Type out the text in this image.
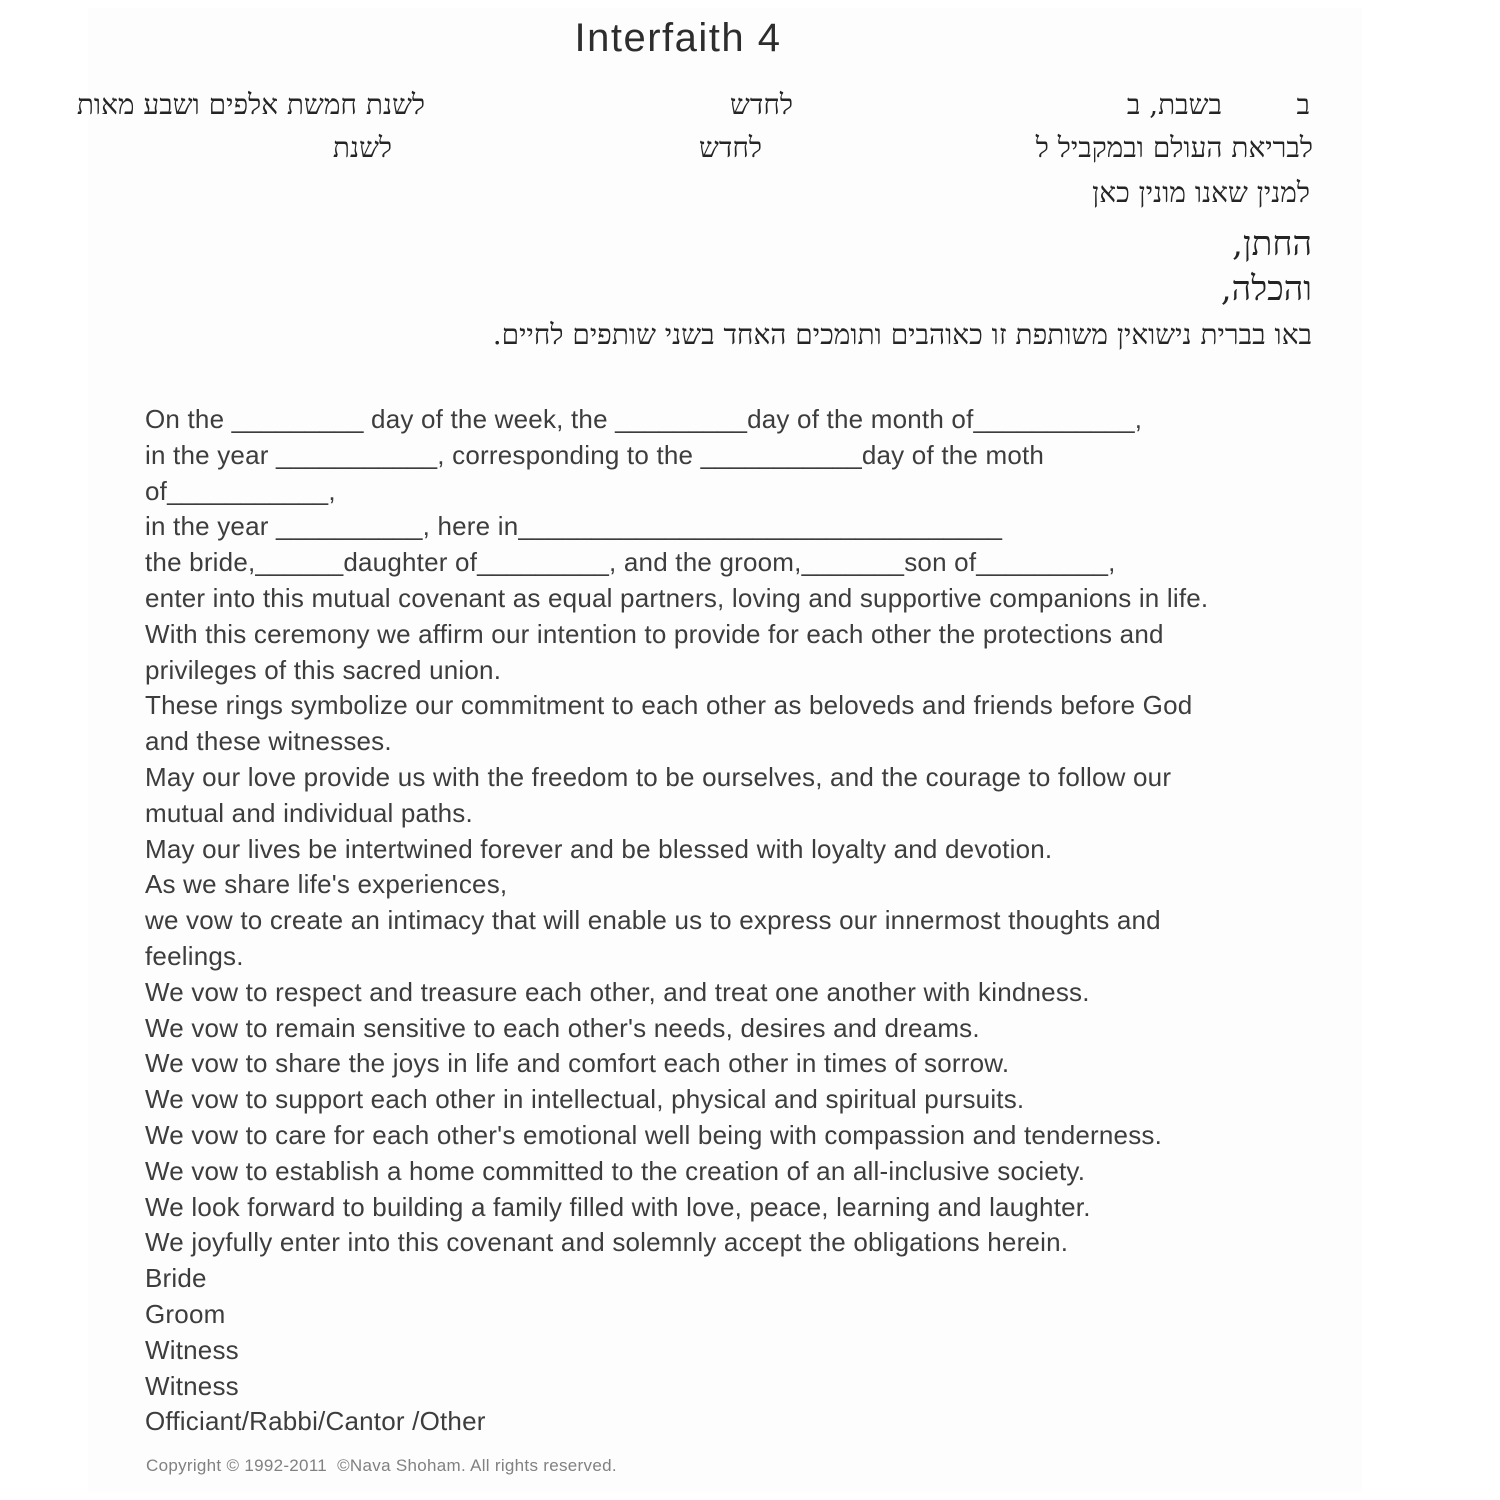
Interfaith 4
ב
בשבת, ב
לחדש
לשנת חמשת אלפים ושבע מאות
לבריאת העולם ובמקביל ל
לחדש
לשנת
למנין שאנו מונין כאן
החתן,
והכלה,
באו בברית נישואין משותפת זו כאוהבים ותומכים האחד בשני שותפים לחיים.
On the _________ day of the week, the _________day of the month of___________,
in the year ___________, corresponding to the ___________day of the moth
of___________,
in the year __________, here in_________________________________
the bride,______daughter of_________, and the groom,_______son of_________,
enter into this mutual covenant as equal partners, loving and supportive companions in life.
With this ceremony we affirm our intention to provide for each other the protections and
privileges of this sacred union.
These rings symbolize our commitment to each other as beloveds and friends before God
and these witnesses.
May our love provide us with the freedom to be ourselves, and the courage to follow our
mutual and individual paths.
May our lives be intertwined forever and be blessed with loyalty and devotion.
As we share life's experiences,
we vow to create an intimacy that will enable us to express our innermost thoughts and
feelings.
We vow to respect and treasure each other, and treat one another with kindness.
We vow to remain sensitive to each other's needs, desires and dreams.
We vow to share the joys in life and comfort each other in times of sorrow.
We vow to support each other in intellectual, physical and spiritual pursuits.
We vow to care for each other's emotional well being with compassion and tenderness.
We vow to establish a home committed to the creation of an all-inclusive society.
We look forward to building a family filled with love, peace, learning and laughter.
We joyfully enter into this covenant and solemnly accept the obligations herein.
Bride
Groom
Witness
Witness
Officiant/Rabbi/Cantor /Other
Copyright © 1992-2011  ©Nava Shoham. All rights reserved.
